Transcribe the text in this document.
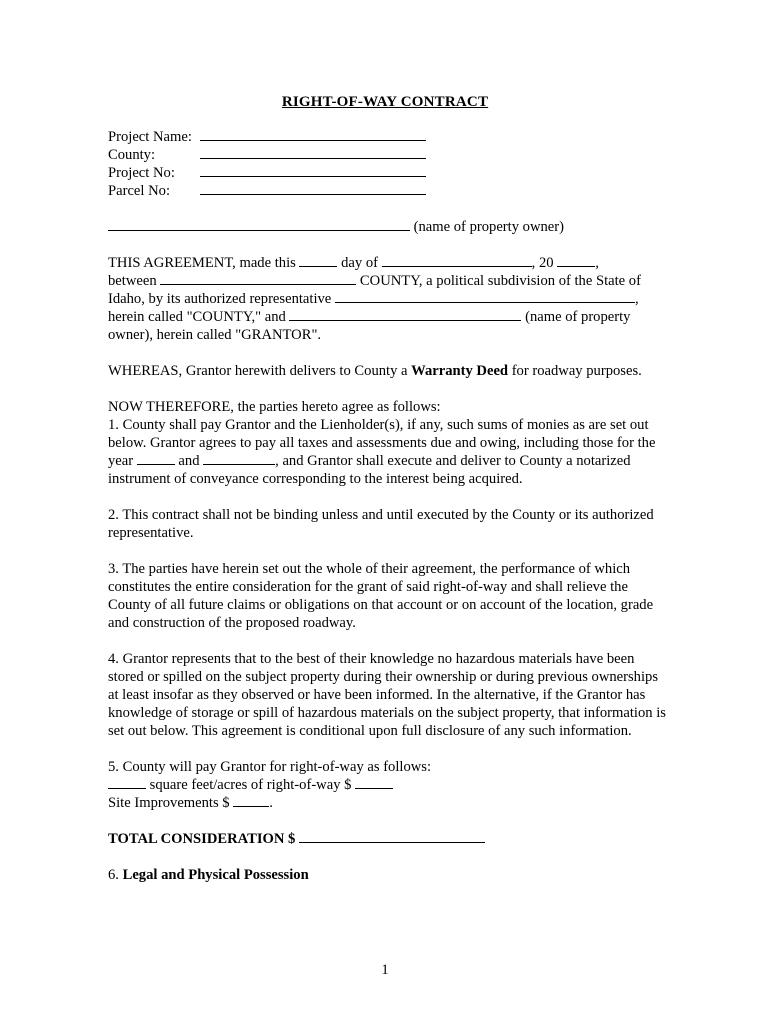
RIGHT-OF-WAY CONTRACT
Project Name:
County:
Project No:
Parcel No:

(name of property owner)

THIS AGREEMENT, made this	day of	, 20	,
between	COUNTY, a political subdivision of the State of
Idaho, by its authorized representative	,
herein called "COUNTY," and	(name of property
owner), herein called "GRANTOR".

WHEREAS, Grantor herewith delivers to County a Warranty Deed for roadway purposes.

NOW THEREFORE, the parties hereto agree as follows:

1. County shall pay Grantor and the Lienholder(s), if any, such sums of monies as are set out below. Grantor agrees to pay all taxes and assessments due and owing, including those for the year	and	, and Grantor shall execute and deliver to County a notarized instrument of conveyance corresponding to the interest being acquired.

2. This contract shall not be binding unless and until executed by the County or its authorized representative.

3. The parties have herein set out the whole of their agreement, the performance of which constitutes the entire consideration for the grant of said right-of-way and shall relieve the County of all future claims or obligations on that account or on account of the location, grade and construction of the proposed roadway.

4. Grantor represents that to the best of their knowledge no hazardous materials have been stored or spilled on the subject property during their ownership or during previous ownerships at least insofar as they observed or have been informed. In the alternative, if the Grantor has knowledge of storage or spill of hazardous materials on the subject property, that information is set out below. This agreement is conditional upon full disclosure of any such information.

5. County will pay Grantor for right-of-way as follows:
square feet/acres of right-of-way $
Site Improvements $ .

TOTAL CONSIDERATION $

6. Legal and Physical Possession

1
